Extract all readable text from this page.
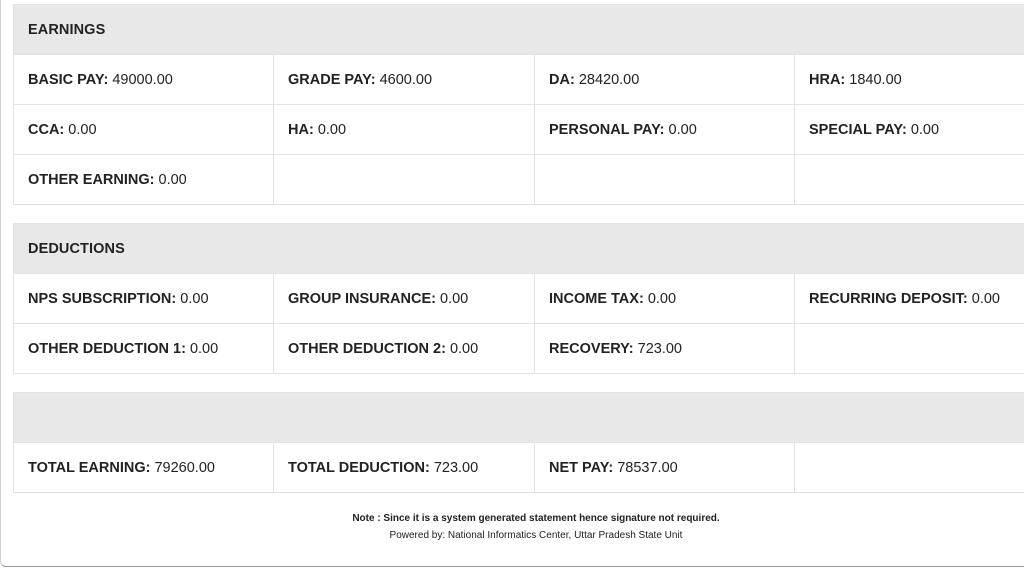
EARNINGS			
BASIC PAY: 49000.00	GRADE PAY: 4600.00	DA: 28420.00	HRA: 1840.00
CCA: 0.00	HA: 0.00	PERSONAL PAY: 0.00	SPECIAL PAY: 0.00
OTHER EARNING: 0.00			
DEDUCTIONS			
NPS SUBSCRIPTION: 0.00	GROUP INSURANCE: 0.00	INCOME TAX: 0.00	RECURRING DEPOSIT: 0.00
OTHER DEDUCTION 1: 0.00	OTHER DEDUCTION 2: 0.00	RECOVERY: 723.00	

TOTAL EARNING: 79260.00	TOTAL DEDUCTION: 723.00	NET PAY: 78537.00	
Note : Since it is a system generated statement hence signature not required.
Powered by: National Informatics Center, Uttar Pradesh State Unit
